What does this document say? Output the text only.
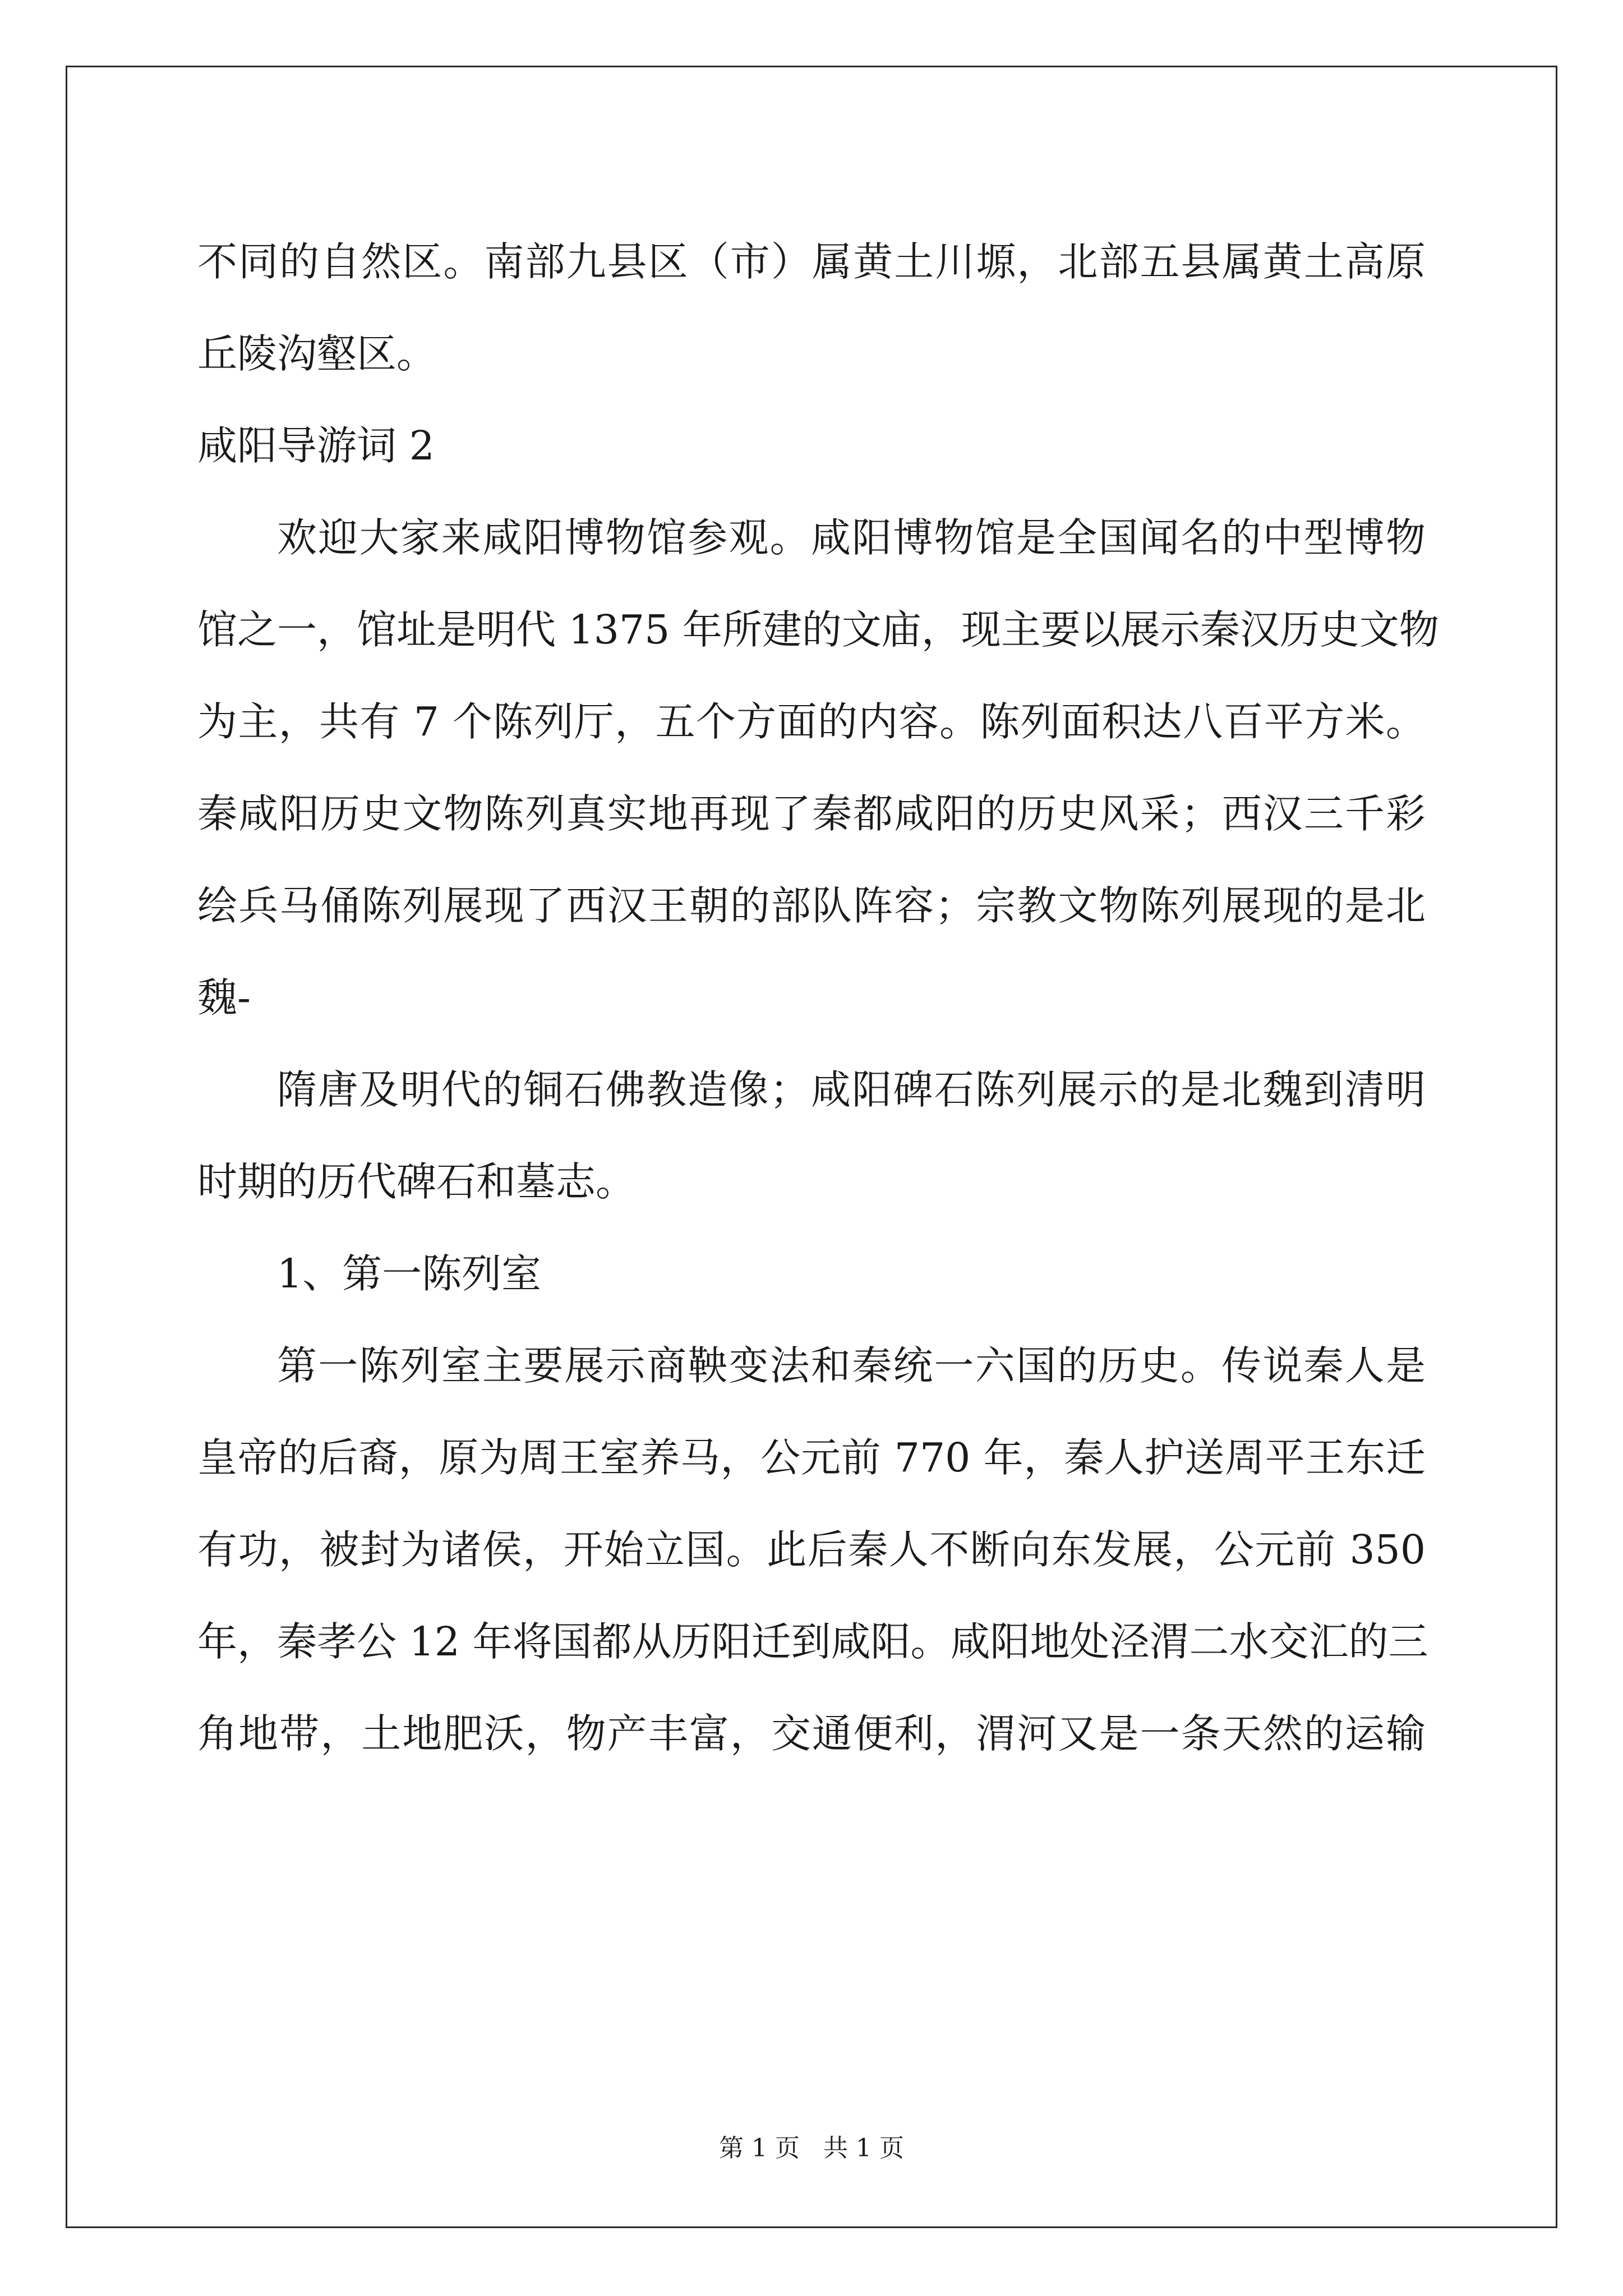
不同的自然区。南部九县区（市）属黄土川塬，北部五县属黄土高原
丘陵沟壑区。
咸阳导游词 2
欢迎大家来咸阳博物馆参观。咸阳博物馆是全国闻名的中型博物
馆之一，馆址是明代 1375 年所建的文庙，现主要以展示秦汉历史文物
为主，共有 7 个陈列厅，五个方面的内容。陈列面积达八百平方米。
秦咸阳历史文物陈列真实地再现了秦都咸阳的历史风采；西汉三千彩
绘兵马俑陈列展现了西汉王朝的部队阵容；宗教文物陈列展现的是北
魏-
隋唐及明代的铜石佛教造像；咸阳碑石陈列展示的是北魏到清明
时期的历代碑石和墓志。
1、第一陈列室
第一陈列室主要展示商鞅变法和秦统一六国的历史。传说秦人是
皇帝的后裔，原为周王室养马，公元前 770 年，秦人护送周平王东迁
有功，被封为诸侯，开始立国。此后秦人不断向东发展，公元前 350
年，秦孝公 12 年将国都从历阳迁到咸阳。咸阳地处泾渭二水交汇的三
角地带，土地肥沃，物产丰富，交通便利，渭河又是一条天然的运输
第 1 页   共 1 页
